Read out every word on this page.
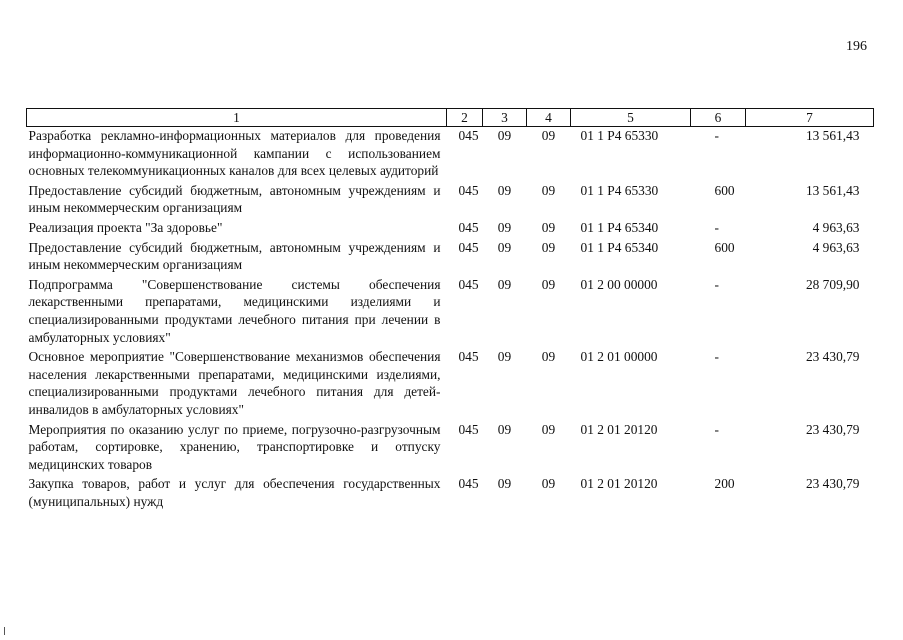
196
1	2	3	4	5	6	7
Разработка рекламно-информационных материалов для проведения информационно-коммуникационной кампании с использованием основных телекоммуникационных каналов для всех целевых аудиторий	045	09	09	01 1 Р4 65330	-	13 561,43
Предоставление субсидий бюджетным, автономным учреждениям и иным некоммерческим организациям	045	09	09	01 1 Р4 65330	600	13 561,43
Реализация проекта "За здоровье"	045	09	09	01 1 Р4 65340	-	4 963,63
Предоставление субсидий бюджетным, автономным учреждениям и иным некоммерческим организациям	045	09	09	01 1 Р4 65340	600	4 963,63
Подпрограмма "Совершенствование системы обеспечения лекарственными препаратами, медицинскими изделиями и специализированными продуктами лечебного питания при лечении в амбулаторных условиях"	045	09	09	01 2 00 00000	-	28 709,90
Основное мероприятие "Совершенствование механизмов обеспечения населения лекарственными препаратами, медицинскими изделиями, специализированными продуктами лечебного питания для детей-инвалидов в амбулаторных условиях"	045	09	09	01 2 01 00000	-	23 430,79
Мероприятия по оказанию услуг по приеме, погрузочно-разгрузочным работам, сортировке, хранению, транспортировке и отпуску медицинских товаров	045	09	09	01 2 01 20120	-	23 430,79
Закупка товаров, работ и услуг для обеспечения государственных (муниципальных) нужд	045	09	09	01 2 01 20120	200	23 430,79
